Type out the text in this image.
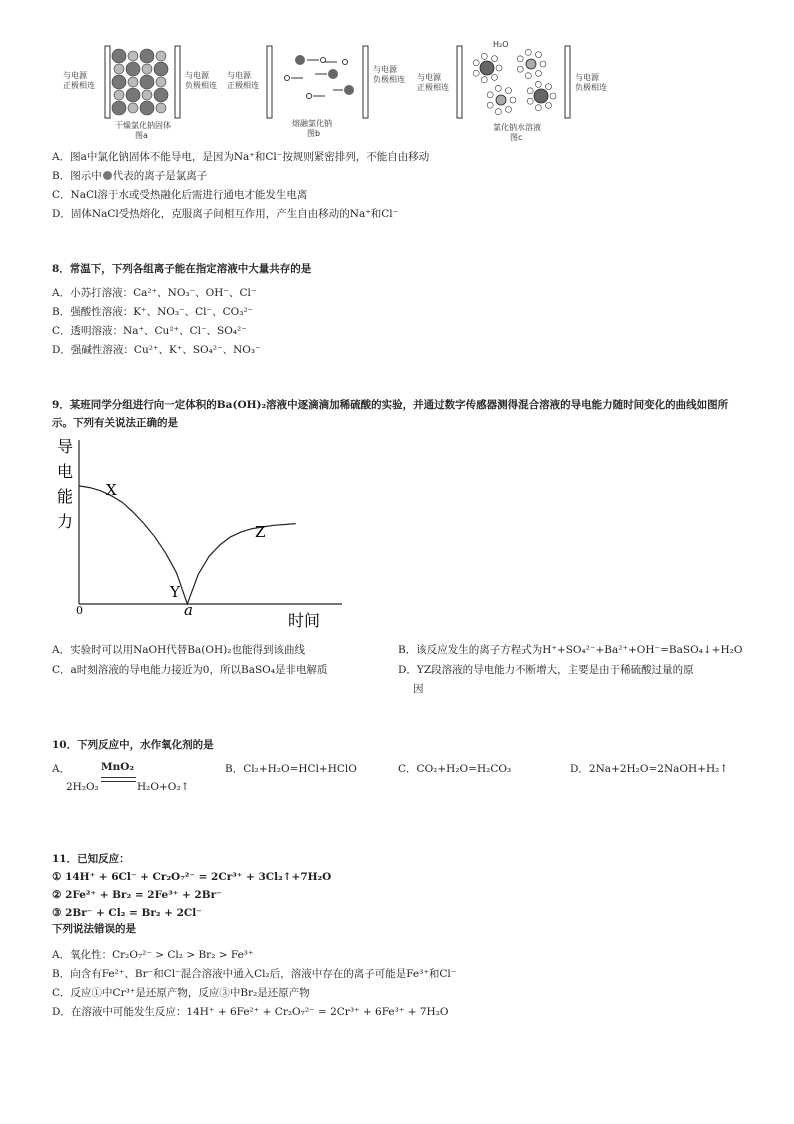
与电源
正极相连
与电源
负极相连
干燥氯化钠固体
图a
与电源
正极相连
与电源
负极相连
熔融氯化钠
图b
H₂O
与电源
正极相连
与电源
负极相连
氯化钠水溶液
图c
A．图a中氯化钠固体不能导电，是因为Na⁺和Cl⁻按规则紧密排列，不能自由移动
B．图示中 代表的离子是氯离子
C．NaCl溶于水或受热融化后需进行通电才能发生电离
D．固体NaCl受热熔化，克服离子间相互作用，产生自由移动的Na⁺和Cl⁻
8．常温下，下列各组离子能在指定溶液中大量共存的是
A．小苏打溶液：Ca²⁺、NO₃⁻、OH⁻、Cl⁻
B．强酸性溶液：K⁺、NO₃⁻、Cl⁻、CO₃²⁻
C．透明溶液：Na⁺、Cu²⁺、Cl⁻、SO₄²⁻
D．强碱性溶液：Cu²⁺、K⁺、SO₄²⁻、NO₃⁻
9．某班同学分组进行向一定体积的Ba(OH)₂溶液中逐滴滴加稀硫酸的实验，并通过数字传感器测得混合溶液的导电能力随时间变化的曲线如图所示。下列有关说法正确的是
导
电
能
力
时间
0
X
Y
Z
a
A．实验时可以用NaOH代替Ba(OH)₂也能得到该曲线	B．该反应发生的离子方程式为H⁺+SO₄²⁻+Ba²⁺+OH⁻=BaSO₄↓+H₂O
C．a时刻溶液的导电能力接近为0，所以BaSO₄是非电解质	D．YZ段溶液的导电能力不断增大，主要是由于稀硫酸过量的原
因
10．下列反应中，水作氧化剂的是
A．	MnO₂
2H₂O₂	H₂O+O₂↑
B．Cl₂+H₂O=HCl+HClO	C．CO₂+H₂O=H₂CO₃	D．2Na+2H₂O=2NaOH+H₂↑
11．已知反应：
① 14H⁺ + 6Cl⁻ + Cr₂O₇²⁻ = 2Cr³⁺ + 3Cl₂↑+7H₂O
② 2Fe²⁺ + Br₂ = 2Fe³⁺ + 2Br⁻
③ 2Br⁻ + Cl₂ = Br₂ + 2Cl⁻
下列说法错误的是
A．氧化性：Cr₂O₇²⁻ > Cl₂ > Br₂ > Fe³⁺
B．向含有Fe²⁺、Br⁻和Cl⁻混合溶液中通入Cl₂后，溶液中存在的离子可能是Fe³⁺和Cl⁻
C．反应①中Cr³⁺是还原产物，反应③中Br₂是还原产物
D．在溶液中可能发生反应：14H⁺ + 6Fe²⁺ + Cr₂O₇²⁻ = 2Cr³⁺ + 6Fe³⁺ + 7H₂O
